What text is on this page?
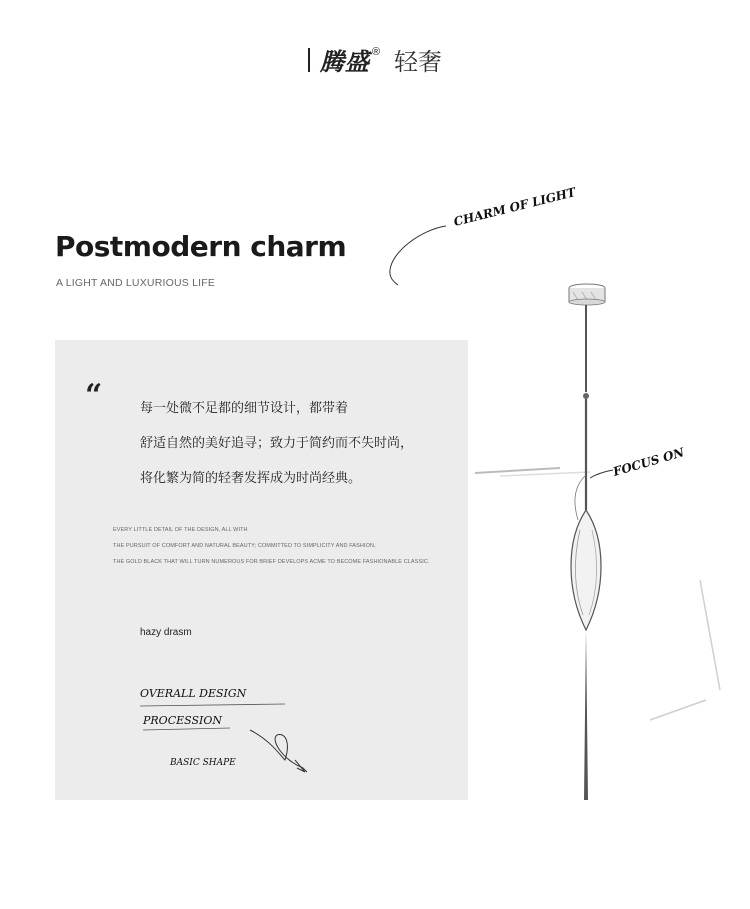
腾盛 ® 轻奢
Postmodern charm
A LIGHT AND LUXURIOUS LIFE
CHARM OF LIGHT
FOCUS ON
“	每一处微不足都的细节设计，都带着
舒适自然的美好追寻；致力于简约而不失时尚，
将化繁为简的轻奢发挥成为时尚经典。
EVERY LITTLE DETAIL OF THE DESIGN, ALL WITH
THE PURSUIT OF COMFORT AND NATURAL BEAUTY; COMMITTED TO SIMPLICITY AND FASHION,
THE GOLD BLACK THAT WILL TURN NUMEROUS FOR BRIEF DEVELOPS ACME TO BECOME FASHIONABLE CLASSIC.
hazy drasm
OVERALL DESIGN
PROCESSION
BASIC SHAPE
